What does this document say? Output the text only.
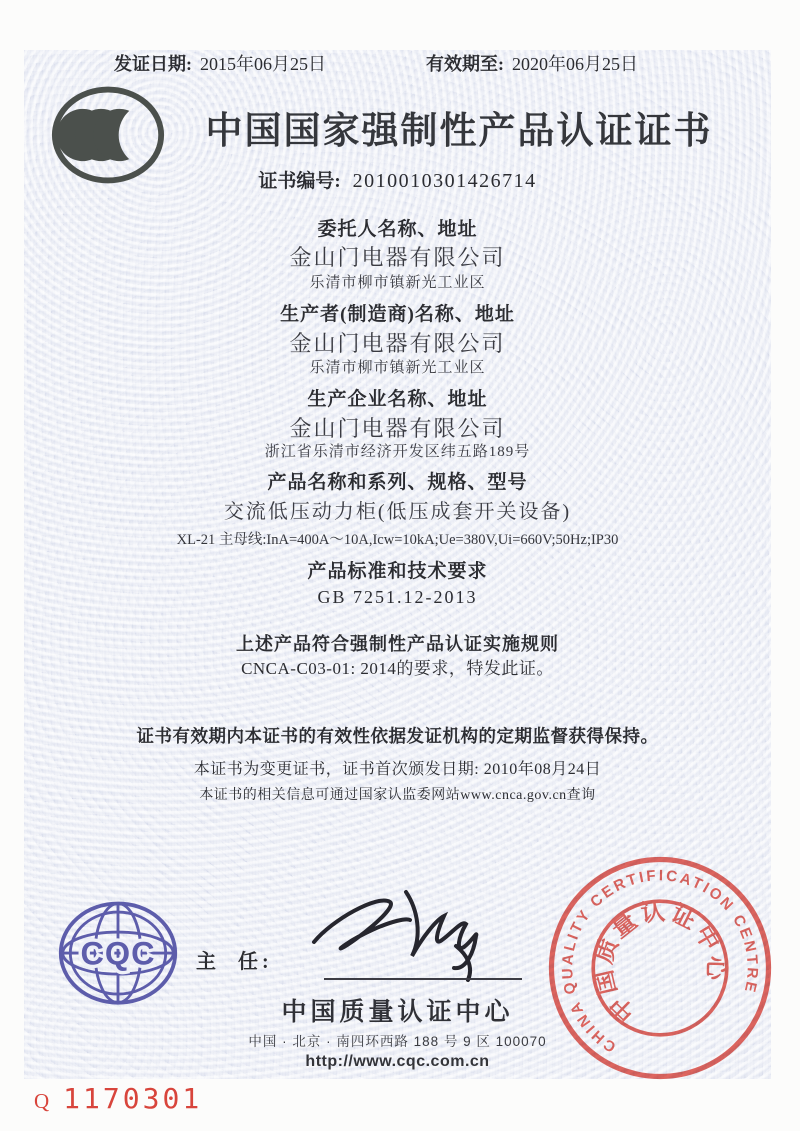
中国国家强制性产品认证证书
证书编号: 2010010301426714
委托人名称、地址
金山门电器有限公司
乐清市柳市镇新光工业区
生产者(制造商)名称、地址
金山门电器有限公司
乐清市柳市镇新光工业区
生产企业名称、地址
金山门电器有限公司
浙江省乐清市经济开发区纬五路189号
产品名称和系列、规格、型号
交流低压动力柜(低压成套开关设备)
XL-21 主母线:InA=400A～10A,Icw=10kA;Ue=380V,Ui=660V;50Hz;IP30
产品标准和技术要求
GB 7251.12-2013
上述产品符合强制性产品认证实施规则
CNCA-C03-01: 2014的要求，特发此证。
发证日期: 2015年06月25日	有效期至: 2020年06月25日
证书有效期内本证书的有效性依据发证机构的定期监督获得保持。
本证书为变更证书，证书首次颁发日期: 2010年08月24日
本证书的相关信息可通过国家认监委网站www.cnca.gov.cn查询
CQC 主  任:
中国质量认证中心
中国 · 北京 · 南四环西路 188 号 9 区 100070
http://www.cqc.com.cn
CHINA QUALITY CERTIFICATION CENTRE
中国质量认证中心
Q 1170301
